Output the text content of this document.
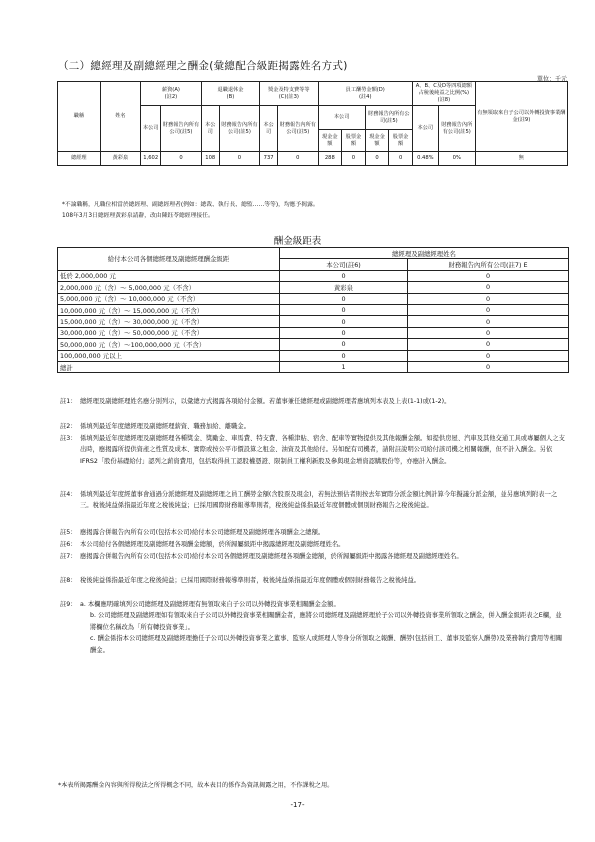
（二）總經理及副總經理之酬金(彙總配合級距揭露姓名方式)
單位：千元
職稱	姓名	薪資(A)
(註2)		退職退休金
(B)		獎金及特支費等等
(C)(註3)		員工酬勞金額(D)
(註4)				A、B、C及D等四項總額占稅後純益之比例(%)
(註8)		有無領取來自子公司以外轉投資事業酬金(註9)
		本公司	財務報告內所有公司(註5)	本公司	財務報告內所有公司(註5)	本公司	財務報告內所有公司(註5)	本公司		財務報告內所有公司(註5)		本公司	財務報告內所有公司(註5)	
								現金金額	股票金額	現金金額	股票金額			
總經理	黃彩泉	1,602	0	108	0	737	0	288	0	0	0	0.48%	0%	無
*不論職稱，凡職位相當於總經理、副總經理者(例如：總裁、執行長、總監……等等)，均應予揭露。
108年3月3日總經理黃彩泉請辭，改由陳鈺苓總經理接任。
酬金級距表
給付本公司各個總經理及副總經理酬金級距	總經理及副總經理姓名	
	本公司(註6)	財務報告內所有公司(註7) E
低於 2,000,000 元	0	0
2,000,000 元（含）～ 5,000,000 元（不含）	黃彩泉	0
5,000,000 元（含）～ 10,000,000 元（不含）	0	0
10,000,000 元（含）～ 15,000,000 元（不含）	0	0
15,000,000 元（含）～ 30,000,000 元（不含）	0	0
30,000,000 元（含）～ 50,000,000 元（不含）	0	0
50,000,000 元（含）～100,000,000 元（不含）	0	0
100,000,000 元以上	0	0
總計	1	0
註1： 總經理及副總經理姓名應分別列示，以彙總方式揭露各項給付金額。若董事兼任總經理或副總經理者應填列本表及上表(1-1)或(1-2)。
註2： 係填列最近年度總經理及副總經理薪資、職務加給、離職金。
註3： 係填列最近年度總經理及副總經理各種獎金、獎勵金、車馬費、特支費、各種津貼、宿舍、配車等實物提供及其他報酬金額。如提供房屋、汽車及其他交通工具或專屬個人之支出時，應揭露所提供資產之性質及成本、實際或按公平市價設算之租金、油資及其他給付。另如配有司機者，請附註說明公司給付該司機之相關報酬，但不計入酬金。另依IFRS2「股份基礎給付」認列之薪資費用，包括取得員工認股權憑證、限制員工權利新股及參與現金增資認購股份等，亦應計入酬金。
註4： 係填列最近年度經董事會通過分派總經理及副總經理之員工酬勞金額(含股票及現金)，若無法預估者則按去年實際分派金額比例計算今年擬議分派金額，並另應填列附表一之三。稅後純益係指最近年度之稅後純益；已採用國際財務報導準則者，稅後純益係指最近年度個體或個別財務報告之稅後純益。
註5： 應揭露合併報告內所有公司(包括本公司)給付本公司總經理及副總經理各項酬金之總額。
註6： 本公司給付各個總經理及副總經理各項酬金總額，於所歸屬級距中揭露總經理及副總經理姓名。
註7： 應揭露合併報告內所有公司(包括本公司)給付本公司各個總經理及副總經理各項酬金總額，於所歸屬級距中揭露各總經理及副總經理姓名。
註8： 稅後純益係指最近年度之稅後純益；已採用國際財務報導準則者，稅後純益係指最近年度個體或個別財務報告之稅後純益。
註9： a. 本欄應明確填列公司總經理及副總經理有無領取來自子公司以外轉投資事業相關酬金金額。
b. 公司總經理及副總經理如有領取來自子公司以外轉投資事業相關酬金者，應將公司總經理及副總經理於子公司以外轉投資事業所領取之酬金，併入酬金級距表之E欄，並將欄位名稱改為「所有轉投資事業」。
c. 酬金係指本公司總經理及副總經理擔任子公司以外轉投資事業之董事、監察人或經理人等身分所領取之報酬、酬勞(包括員工、董事及監察人酬勞)及業務執行費用等相關酬金。
*本表所揭露酬金內容與所得稅法之所得概念不同，故本表目的係作為資訊揭露之用，不作課稅之用。
-17-
